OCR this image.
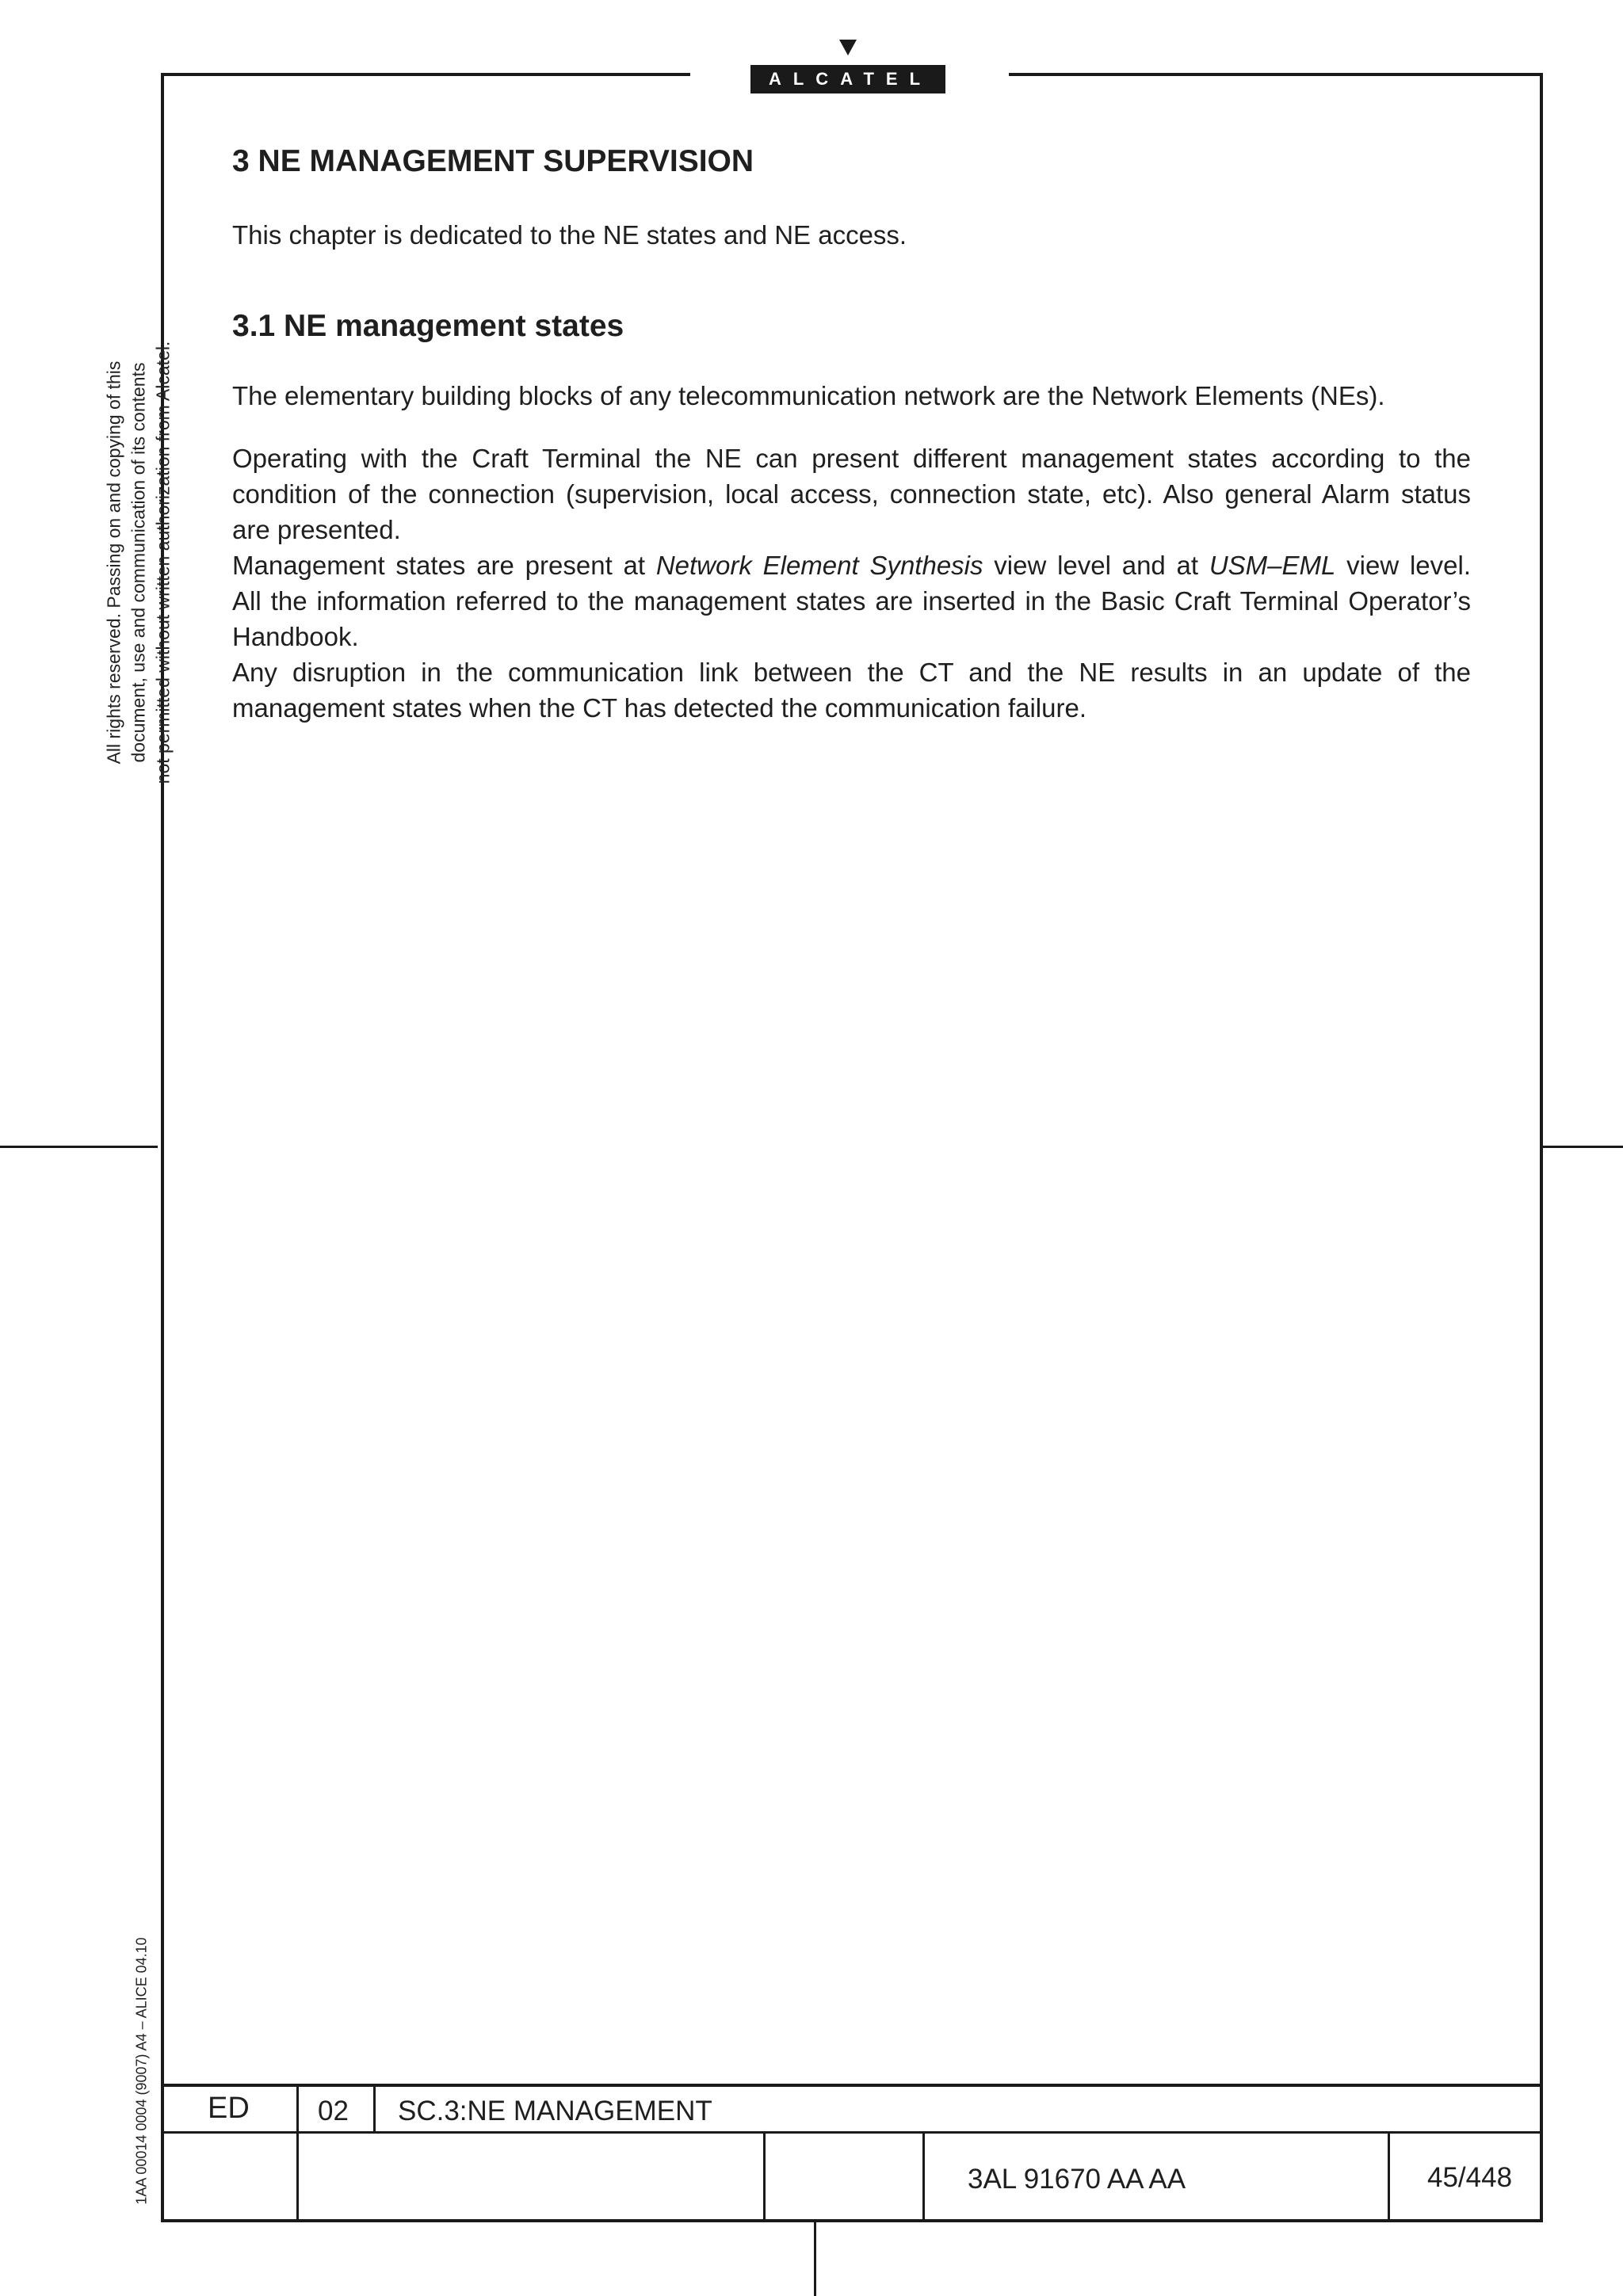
ALCATEL
All rights reserved. Passing on and copying of this document, use and communication of its contents not permitted without written authorization from Alcatel.
1AA 00014 0004 (9007) A4 – ALICE 04.10
3 NE MANAGEMENT SUPERVISION

This chapter is dedicated to the NE states and NE access.

3.1 NE management states

The elementary building blocks of any telecommunication network are the Network Elements (NEs).

Operating with the Craft Terminal the NE can present different management states according to the
condition of the connection (supervision, local access, connection state, etc). Also general Alarm status
are presented.
Management states are present at Network Element Synthesis view level and at USM–EML view level.
All the information referred to the management states are inserted in the Basic Craft Terminal Operator’s
Handbook.
Any disruption in the communication link between the CT and the NE results in an update of the
management states when the CT has detected the communication failure.
ED 02 SC.3:NE MANAGEMENT
3AL 91670 AA AA	45/448
